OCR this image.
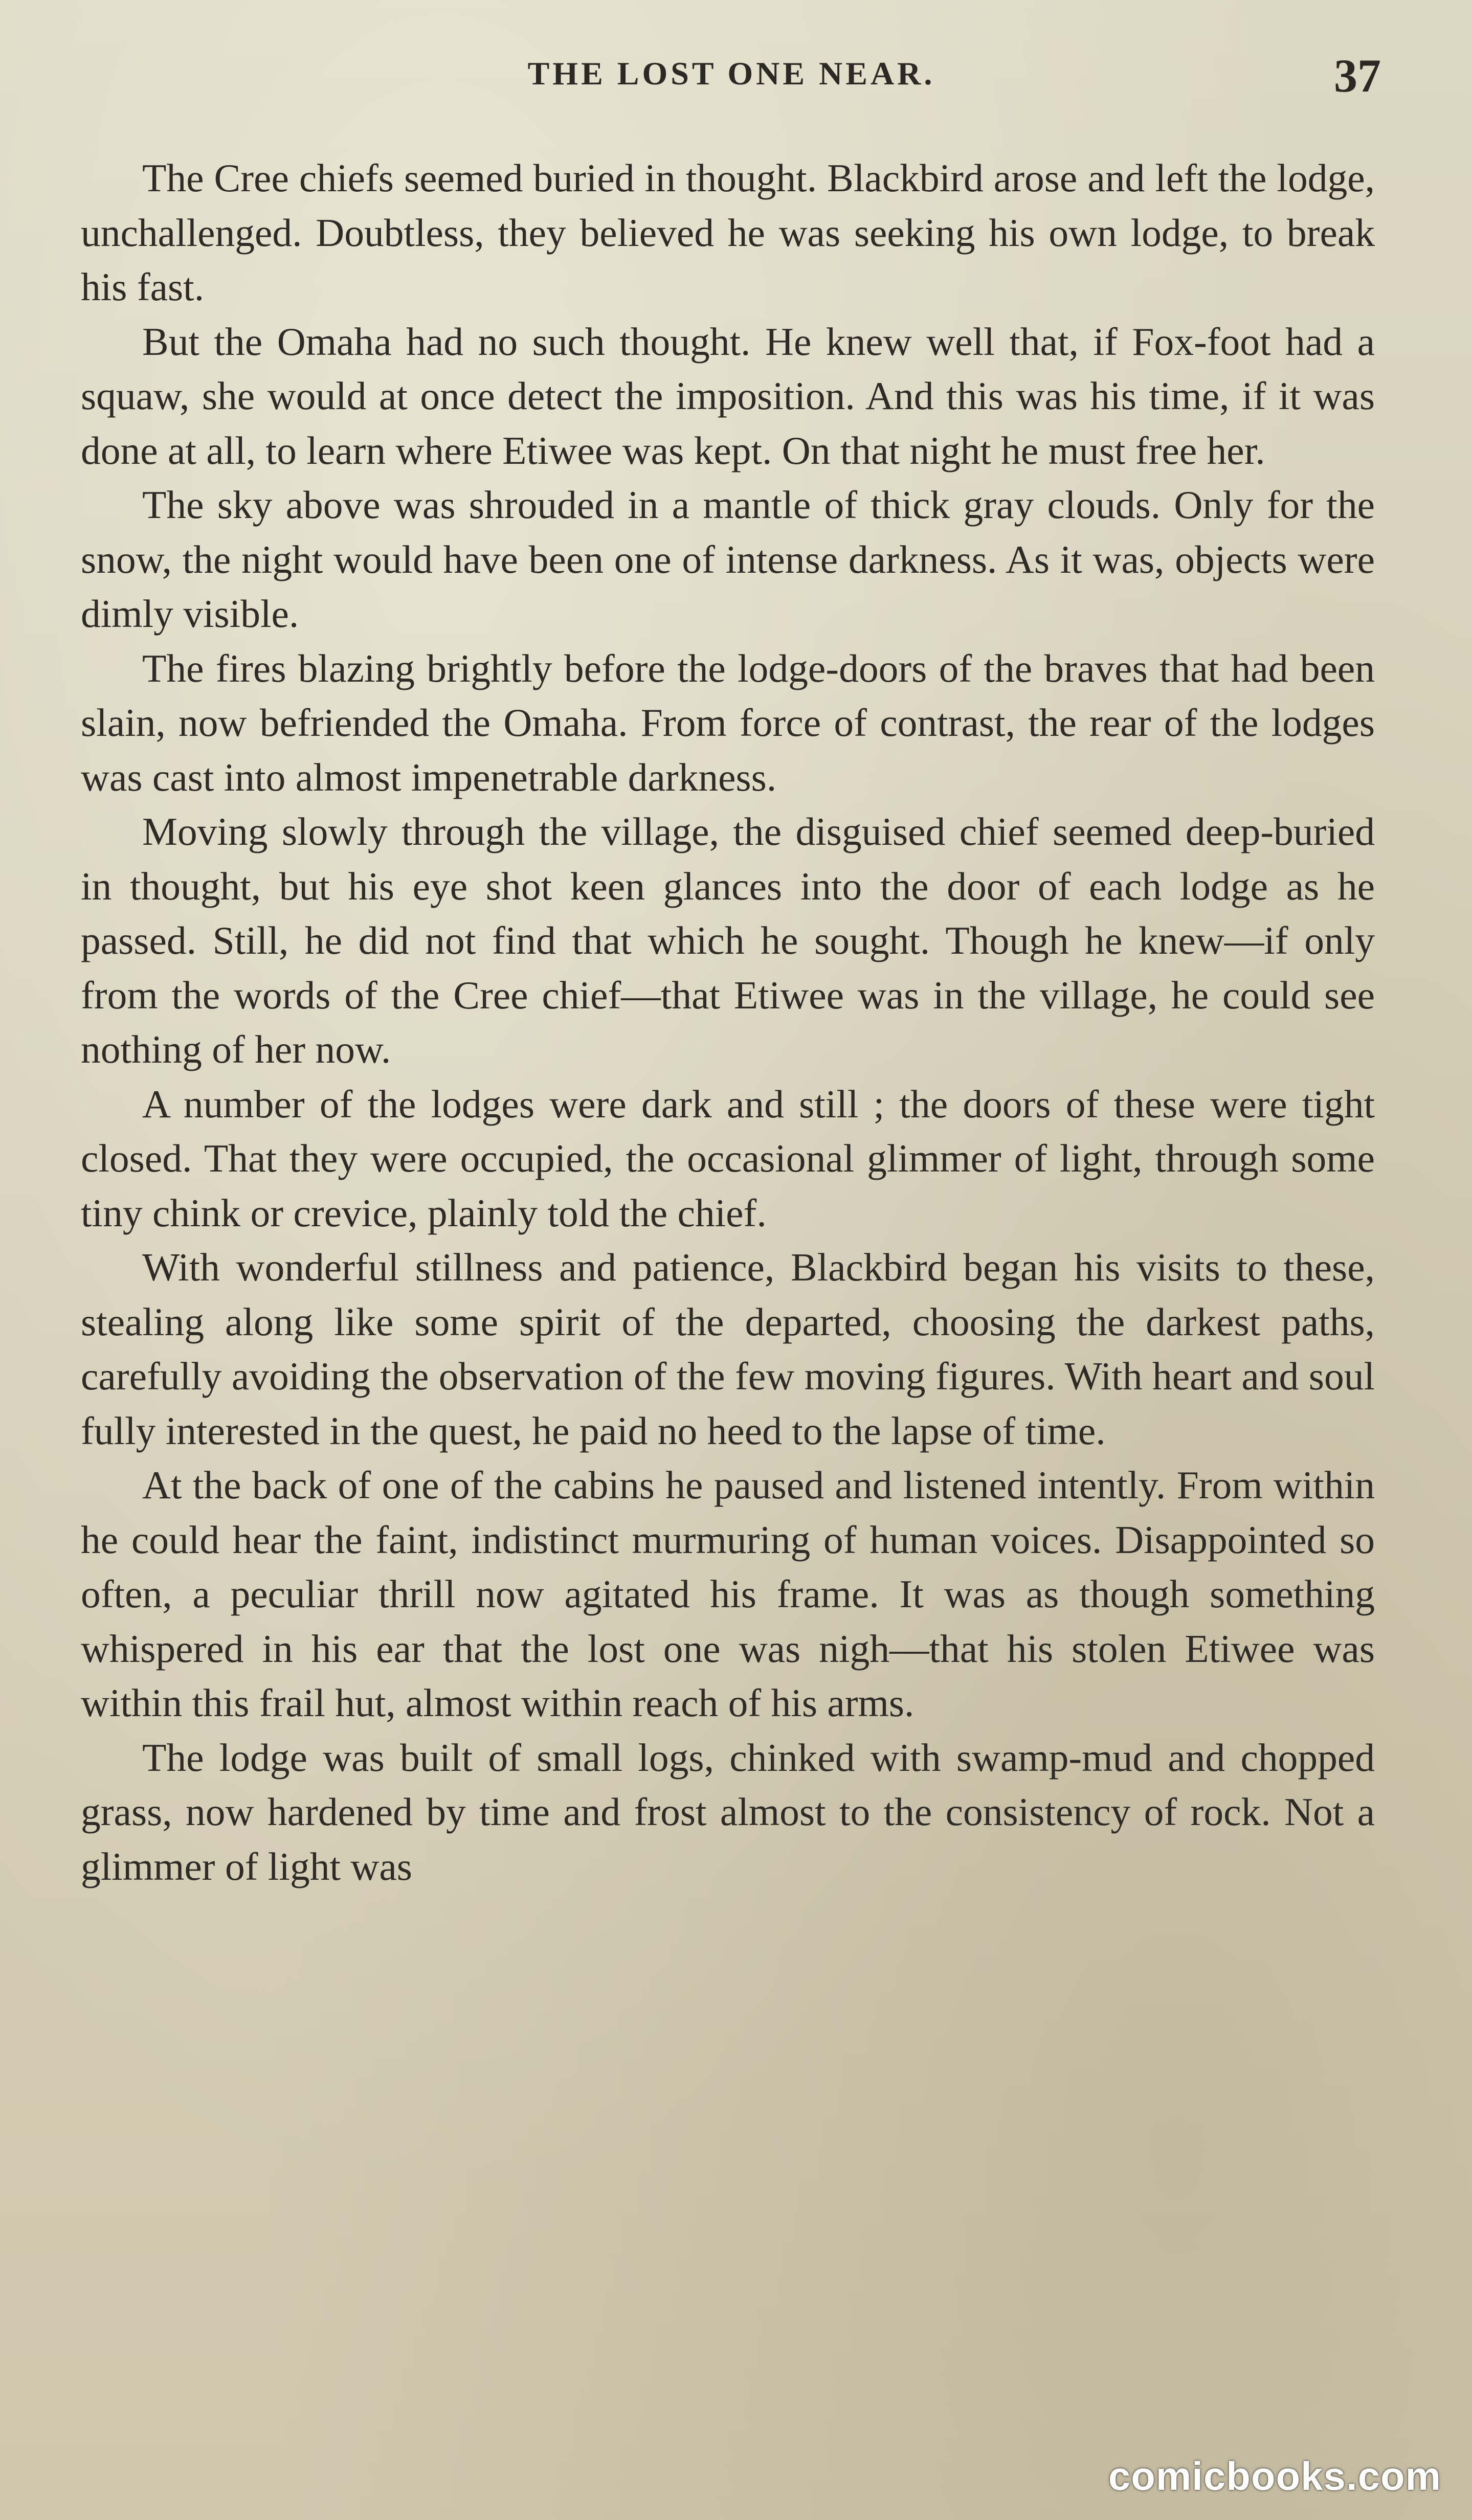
THE LOST ONE NEAR.	37

The Cree chiefs seemed buried in thought. Blackbird arose and left the lodge, unchallenged. Doubtless, they believed he was seeking his own lodge, to break his fast.

But the Omaha had no such thought. He knew well that, if Fox-foot had a squaw, she would at once detect the imposition. And this was his time, if it was done at all, to learn where Etiwee was kept. On that night he must free her.

The sky above was shrouded in a mantle of thick gray clouds. Only for the snow, the night would have been one of intense darkness. As it was, objects were dimly visible.

The fires blazing brightly before the lodge-doors of the braves that had been slain, now befriended the Omaha. From force of contrast, the rear of the lodges was cast into almost impenetrable darkness.

Moving slowly through the village, the disguised chief seemed deep-buried in thought, but his eye shot keen glances into the door of each lodge as he passed. Still, he did not find that which he sought. Though he knew—if only from the words of the Cree chief—that Etiwee was in the village, he could see nothing of her now.

A number of the lodges were dark and still ; the doors of these were tight closed. That they were occupied, the occasional glimmer of light, through some tiny chink or crevice, plainly told the chief.

With wonderful stillness and patience, Blackbird began his visits to these, stealing along like some spirit of the departed, choosing the darkest paths, carefully avoiding the observation of the few moving figures. With heart and soul fully interested in the quest, he paid no heed to the lapse of time.

At the back of one of the cabins he paused and listened intently. From within he could hear the faint, indistinct murmuring of human voices. Disappointed so often, a peculiar thrill now agitated his frame. It was as though something whispered in his ear that the lost one was nigh—that his stolen Etiwee was within this frail hut, almost within reach of his arms.

The lodge was built of small logs, chinked with swamp-mud and chopped grass, now hardened by time and frost almost to the consistency of rock. Not a glimmer of light was

comicbooks.com
